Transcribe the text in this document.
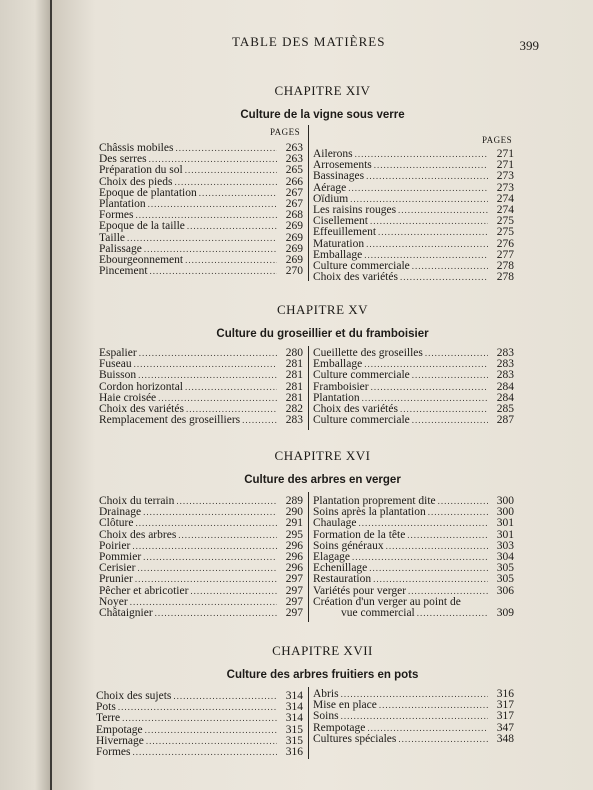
TABLE DES MATIÈRES	399
CHAPITRE XIV
Culture de la vigne sous verre
PAGES
PAGES
Châssis mobiles .....	263
Des serres .....	263
Préparation du sol .....	265
Choix des pieds .....	266
Epoque de plantation .....	267
Plantation .....	267
Formes .....	268
Epoque de la taille .....	269
Taille .....	269
Palissage .....	269
Ebourgeonnement .....	269
Pincement .....	270
Ailerons .....	271
Arrosements .....	271
Bassinages .....	273
Aérage .....	273
Oïdium .....	274
Les raisins rouges .....	274
Cisellement .....	275
Effeuillement .....	275
Maturation .....	276
Emballage .....	277
Culture commerciale .....	278
Choix des variétés .....	278
CHAPITRE XV
Culture du groseillier et du framboisier
Espalier .....	280
Fuseau .....	281
Buisson .....	281
Cordon horizontal .....	281
Haie croisée .....	281
Choix des variétés .....	282
Remplacement des groseilliers .....	283
Cueillette des groseilles .....	283
Emballage .....	283
Culture commerciale .....	283
Framboisier .....	284
Plantation .....	284
Choix des variétés .....	285
Culture commerciale .....	287
CHAPITRE XVI
Culture des arbres en verger
Choix du terrain .....	289
Drainage .....	290
Clôture .....	291
Choix des arbres .....	295
Poirier .....	296
Pommier .....	296
Cerisier .....	296
Prunier .....	297
Pêcher et abricotier .....	297
Noyer .....	297
Châtaignier .....	297
Plantation proprement dite .....	300
Soins après la plantation .....	300
Chaulage .....	301
Formation de la tête .....	301
Soins généraux .....	303
Elagage .....	304
Echenillage .....	305
Restauration .....	305
Variétés pour verger .....	306
Création d'un verger au point de
vue commercial .....	309
CHAPITRE XVII
Culture des arbres fruitiers en pots
Choix des sujets .....	314
Pots .....	314
Terre .....	314
Empotage .....	315
Hivernage .....	315
Formes .....	316
Abris .....	316
Mise en place .....	317
Soins .....	317
Rempotage .....	347
Cultures spéciales .....	348
